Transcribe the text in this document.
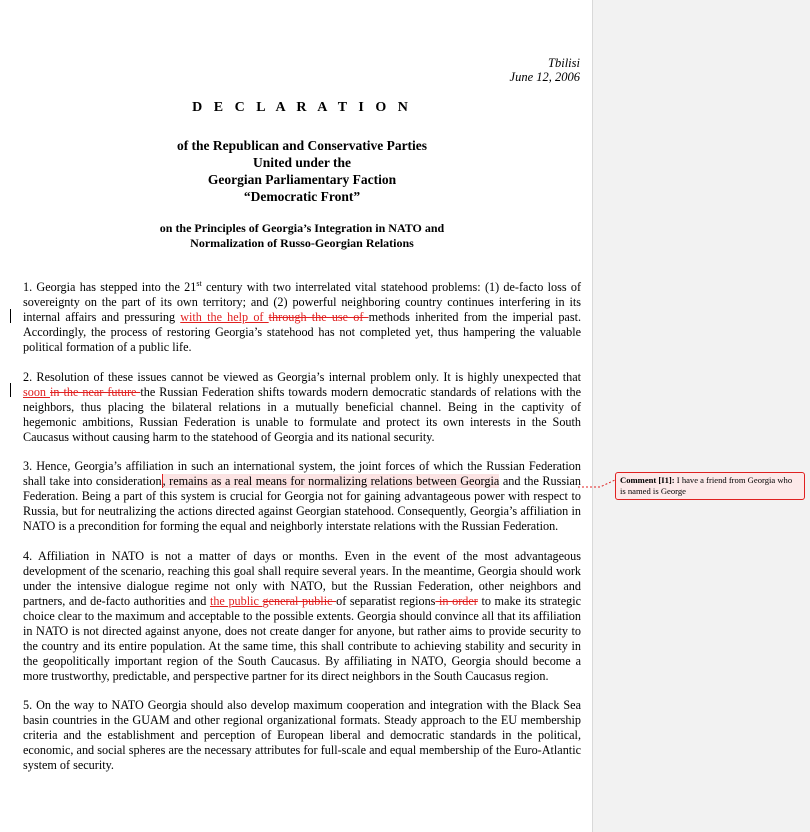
Tbilisi
June 12, 2006
D E C L A R A T I O N
of the Republican and Conservative Parties
United under the
Georgian Parliamentary Faction
“Democratic Front”
on the Principles of Georgia’s Integration in NATO and
Normalization of Russo-Georgian Relations

1. Georgia has stepped into the 21st century with two interrelated vital statehood problems: (1) de-facto loss of sovereignty on the part of its own territory; and (2) powerful neighboring country continues interfering in its internal affairs and pressuring with the help of through the use of methods inherited from the imperial past. Accordingly, the process of restoring Georgia’s statehood has not completed yet, thus hampering the valuable political formation of a public life.

2. Resolution of these issues cannot be viewed as Georgia’s internal problem only. It is highly unexpected that soon in the near future the Russian Federation shifts towards modern democratic standards of relations with the neighbors, thus placing the bilateral relations in a mutually beneficial channel. Being in the captivity of hegemonic ambitions, Russian Federation is unable to formulate and protect its own interests in the South Caucasus without causing harm to the statehood of Georgia and its national security.

3. Hence, Georgia’s affiliation in such an international system, the joint forces of which the Russian Federation shall take into consideration, remains as a real means for normalizing relations between Georgia and the Russian Federation. Being a part of this system is crucial for Georgia not for gaining advantageous power with respect to Russia, but for neutralizing the actions directed against Georgian statehood. Consequently, Georgia’s affiliation in NATO is a precondition for forming the equal and neighborly interstate relations with the Russian Federation.

4. Affiliation in NATO is not a matter of days or months. Even in the event of the most advantageous development of the scenario, reaching this goal shall require several years. In the meantime, Georgia should work under the intensive dialogue regime not only with NATO, but the Russian Federation, other neighbors and partners, and de-facto authorities and the public general public of separatist regions in order to make its strategic choice clear to the maximum and acceptable to the possible extents. Georgia should convince all that its affiliation in NATO is not directed against anyone, does not create danger for anyone, but rather aims to provide security to the country and its entire population. At the same time, this shall contribute to achieving stability and security in the geopolitically important region of the South Caucasus. By affiliating in NATO, Georgia should become a more trustworthy, predictable, and perspective partner for its direct neighbors in the South Caucasus region.

5. On the way to NATO Georgia should also develop maximum cooperation and integration with the Black Sea basin countries in the GUAM and other regional organizational formats. Steady approach to the EU membership criteria and the establishment and perception of European liberal and democratic standards in the political, economic, and social spheres are the necessary attributes for full-scale and equal membership of the Euro-Atlantic system of security.

Comment [I1]: I have a friend from Georgia who is named is George
